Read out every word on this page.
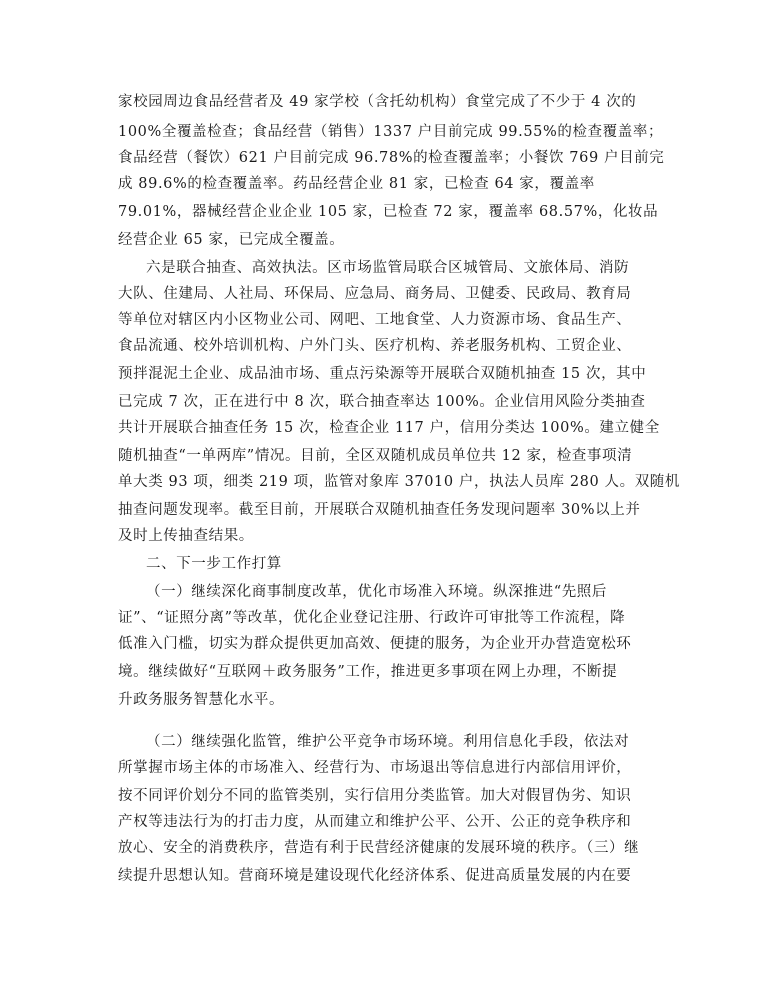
家校园周边食品经营者及 49 家学校（含托幼机构）食堂完成了不少于 4 次的
100%全覆盖检查；食品经营（销售）1337 户目前完成 99.55%的检查覆盖率；
食品经营（餐饮）621 户目前完成 96.78%的检查覆盖率；小餐饮 769 户目前完
成 89.6%的检查覆盖率。药品经营企业 81 家，已检查 64 家，覆盖率
79.01%，器械经营企业企业 105 家，已检查 72 家，覆盖率 68.57%，化妆品
经营企业 65 家，已完成全覆盖。
六是联合抽查、高效执法。区市场监管局联合区城管局、文旅体局、消防
大队、住建局、人社局、环保局、应急局、商务局、卫健委、民政局、教育局
等单位对辖区内小区物业公司、网吧、工地食堂、人力资源市场、食品生产、
食品流通、校外培训机构、户外门头、医疗机构、养老服务机构、工贸企业、
预拌混泥土企业、成品油市场、重点污染源等开展联合双随机抽查 15 次，其中
已完成 7 次，正在进行中 8 次，联合抽查率达 100%。企业信用风险分类抽查
共计开展联合抽查任务 15 次，检查企业 117 户，信用分类达 100%。建立健全
随机抽查“一单两库”情况。目前，全区双随机成员单位共 12 家，检查事项清
单大类 93 项，细类 219 项，监管对象库 37010 户，执法人员库 280 人。双随机
抽查问题发现率。截至目前，开展联合双随机抽查任务发现问题率 30%以上并
及时上传抽查结果。
二、下一步工作打算
（一）继续深化商事制度改革，优化市场准入环境。纵深推进“先照后
证”、“证照分离”等改革，优化企业登记注册、行政许可审批等工作流程，降
低准入门槛，切实为群众提供更加高效、便捷的服务，为企业开办营造宽松环
境。继续做好“互联网＋政务服务”工作，推进更多事项在网上办理，不断提
升政务服务智慧化水平。
（二）继续强化监管，维护公平竞争市场环境。利用信息化手段，依法对
所掌握市场主体的市场准入、经营行为、市场退出等信息进行内部信用评价，
按不同评价划分不同的监管类别，实行信用分类监管。加大对假冒伪劣、知识
产权等违法行为的打击力度，从而建立和维护公平、公开、公正的竞争秩序和
放心、安全的消费秩序，营造有利于民营经济健康的发展环境的秩序。（三）继
续提升思想认知。营商环境是建设现代化经济体系、促进高质量发展的内在要
